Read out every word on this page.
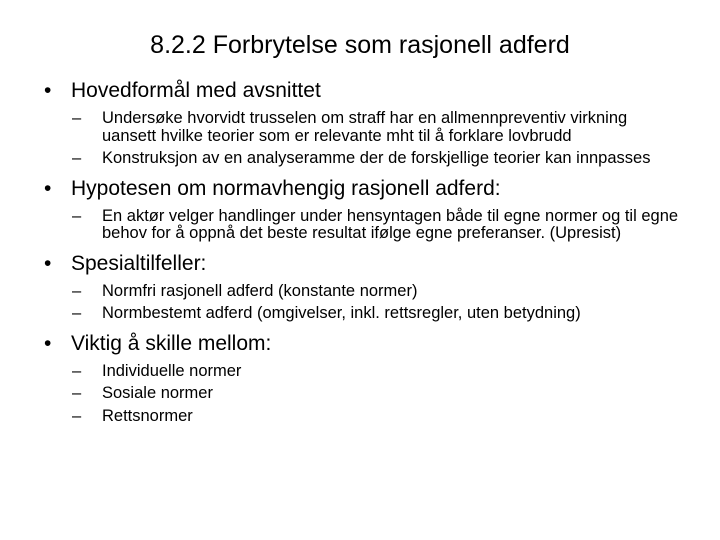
8.2.2 Forbrytelse som rasjonell adferd
• Hovedformål med avsnittet
–	Undersøke hvorvidt trusselen om straff har en allmennpreventiv virkning uansett hvilke teorier som er relevante mht til å forklare lovbrudd
–	Konstruksjon av en analyseramme der de forskjellige teorier kan innpasses
• Hypotesen om normavhengig rasjonell adferd:
–	En aktør velger handlinger under hensyntagen både til egne normer og til egne behov for å oppnå det beste resultat ifølge egne preferanser. (Upresist)
• Spesialtilfeller:
–	Normfri rasjonell adferd (konstante normer)
–	Normbestemt adferd (omgivelser, inkl. rettsregler, uten betydning)
• Viktig å skille mellom:
–	Individuelle normer
–	Sosiale normer
–	Rettsnormer
